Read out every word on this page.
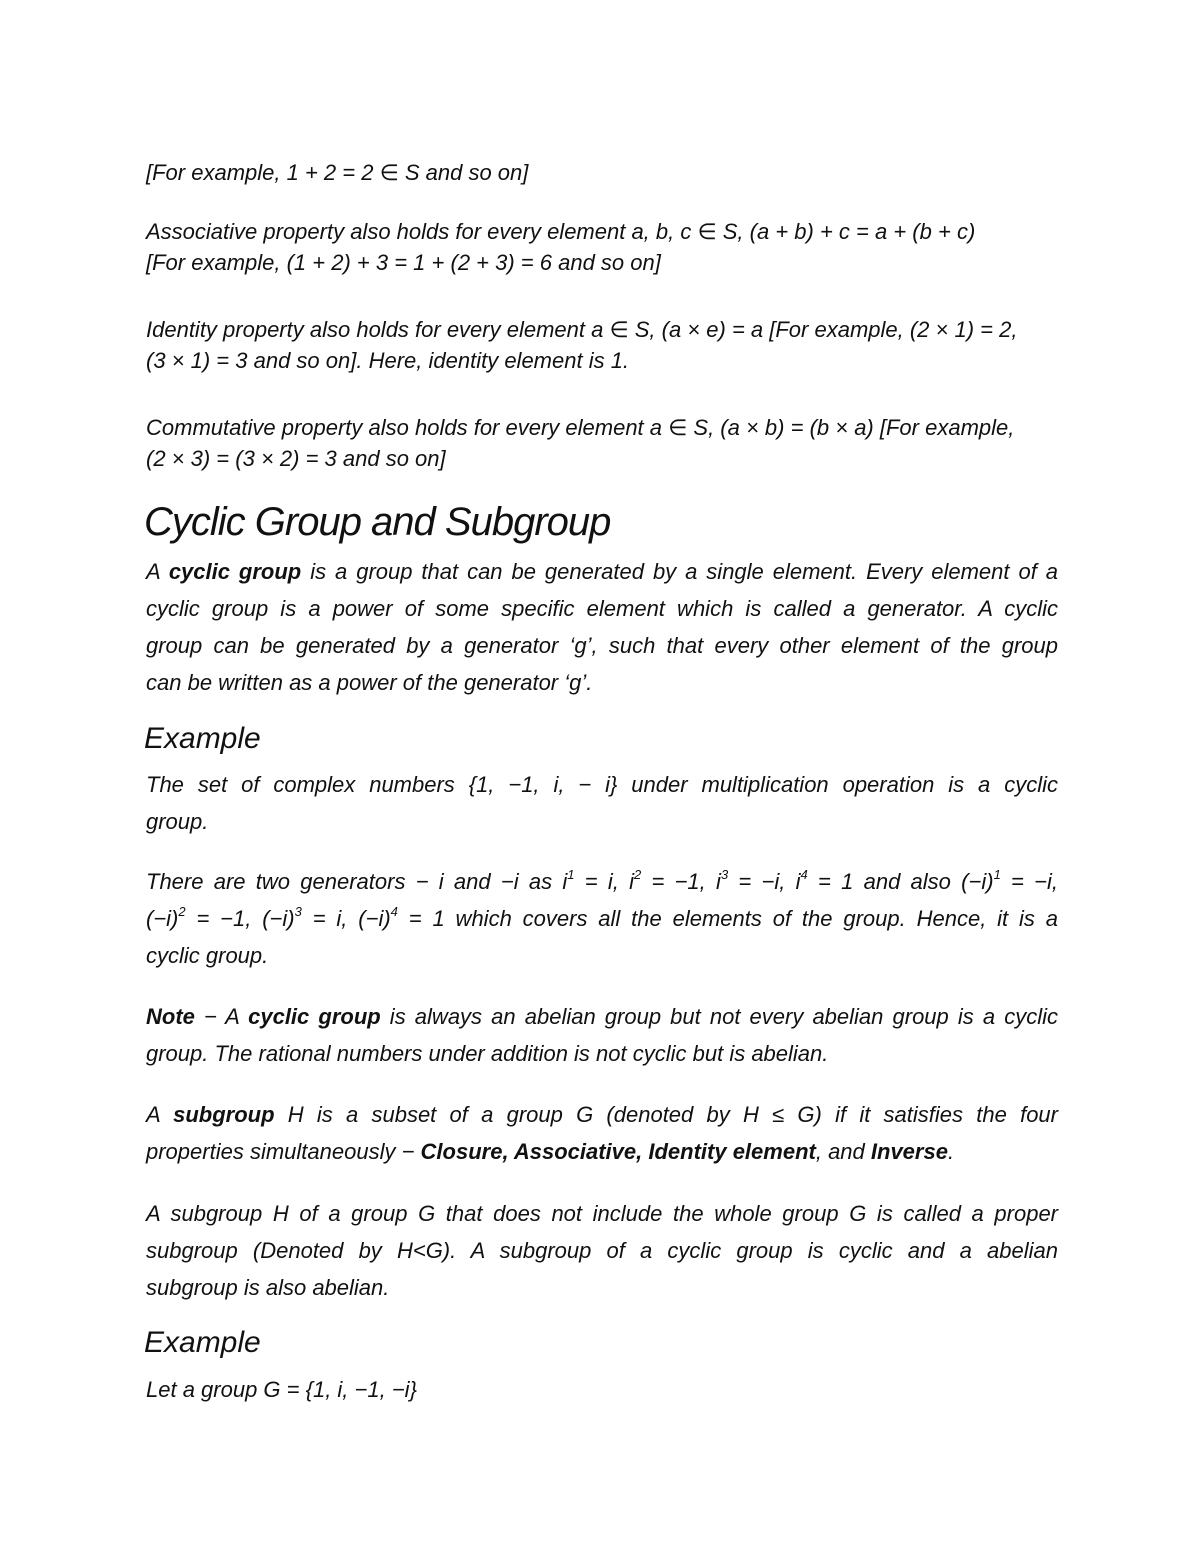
[For example, 1 + 2 = 2 ∈ S and so on]

Associative property also holds for every element a, b, c ∈ S, (a + b) + c = a + (b + c)
[For example, (1 + 2) + 3 = 1 + (2 + 3) = 6 and so on]

Identity property also holds for every element a ∈ S, (a × e) = a [For example, (2 × 1) = 2,
(3 × 1) = 3 and so on]. Here, identity element is 1.

Commutative property also holds for every element a ∈ S, (a × b) = (b × a) [For example,
(2 × 3) = (3 × 2) = 3 and so on]

Cyclic Group and Subgroup

A cyclic group is a group that can be generated by a single element. Every element of a
cyclic group is a power of some specific element which is called a generator. A cyclic
group can be generated by a generator ‘g’, such that every other element of the group
can be written as a power of the generator ‘g’.

Example

The set of complex numbers {1, −1, i, − i} under multiplication operation is a cyclic
group.

There are two generators − i and −i as $i^1 = i$, $i^2 = -1$, $i^3 = -i$, $i^4 = 1$ and also $(-i)^1 = -i$,
$(-i)^2 = -1$, $(-i)^3 = i$, $(-i)^4 = 1$ which covers all the elements of the group. Hence, it is a
cyclic group.

Note − A cyclic group is always an abelian group but not every abelian group is a cyclic
group. The rational numbers under addition is not cyclic but is abelian.

A subgroup H is a subset of a group G (denoted by H ≤ G) if it satisfies the four
properties simultaneously − Closure, Associative, Identity element, and Inverse.

A subgroup H of a group G that does not include the whole group G is called a proper
subgroup (Denoted by H<G). A subgroup of a cyclic group is cyclic and a abelian
subgroup is also abelian.

Example

Let a group G = {1, i, −1, −i}
